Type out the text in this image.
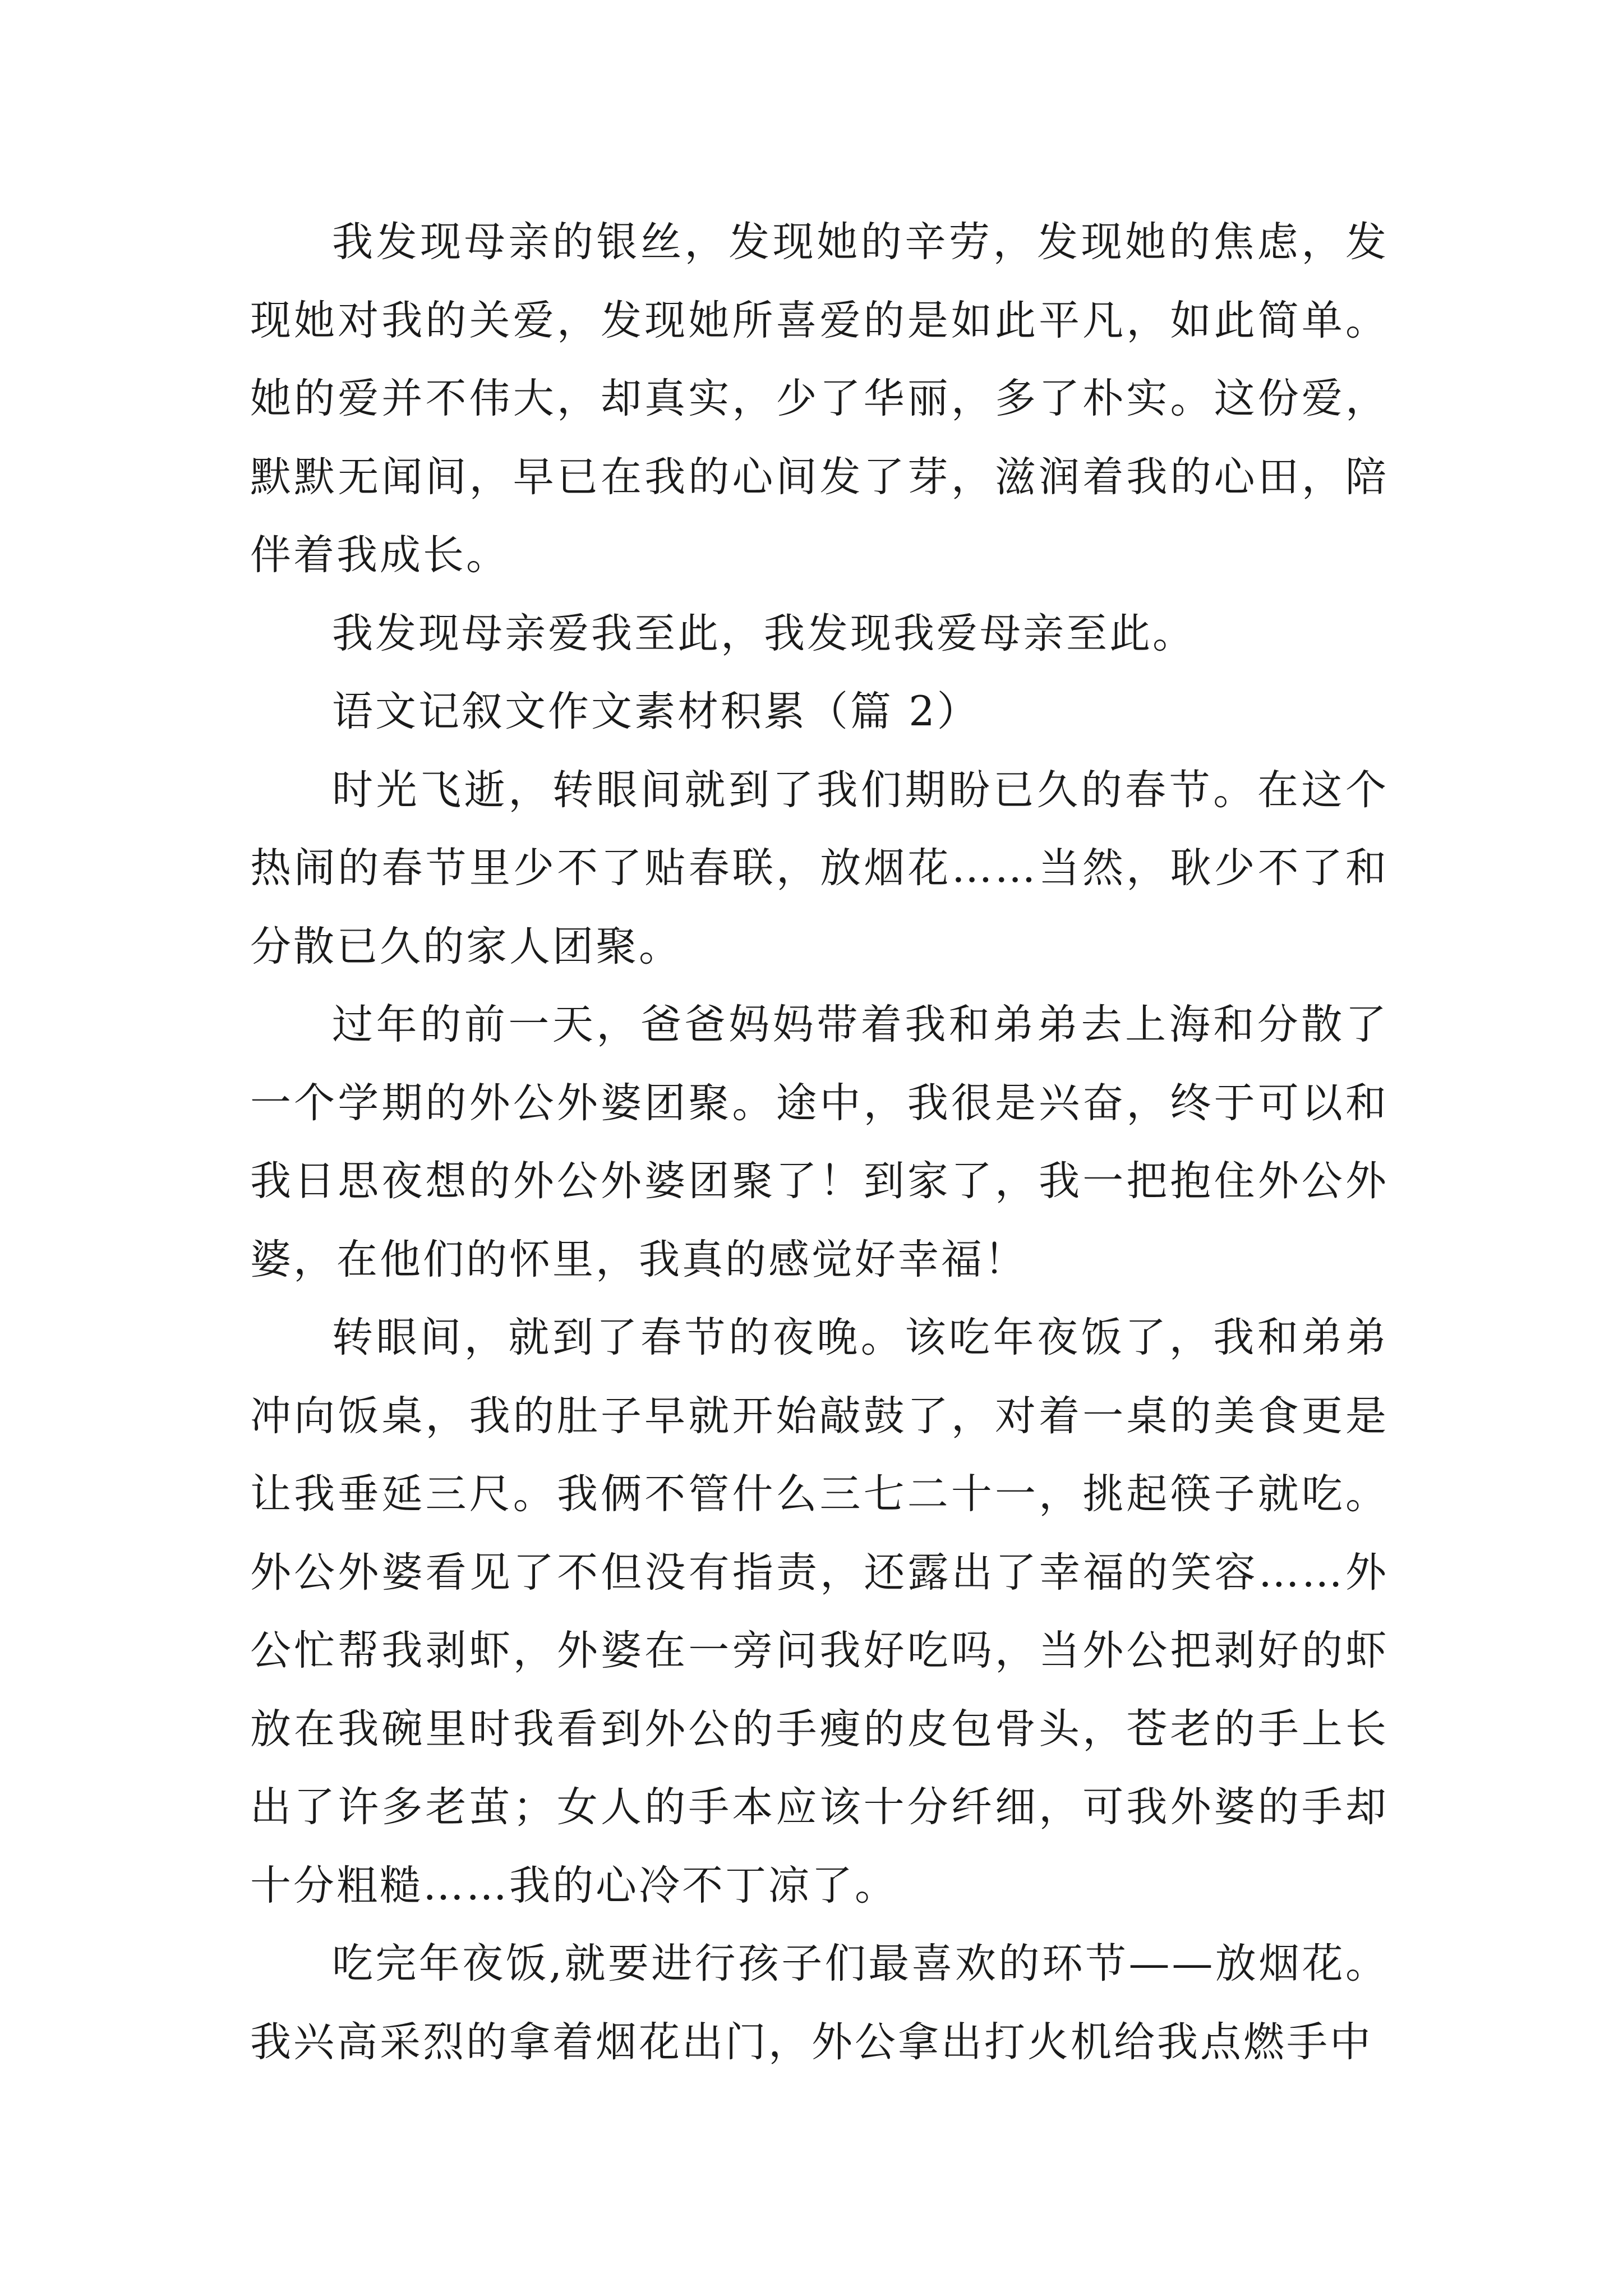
我发现母亲的银丝，发现她的辛劳，发现她的焦虑，发现她对我的关爱，发现她所喜爱的是如此平凡，如此简单。她的爱并不伟大，却真实，少了华丽，多了朴实。这份爱，默默无闻间，早已在我的心间发了芽，滋润着我的心田，陪伴着我成长。

我发现母亲爱我至此，我发现我爱母亲至此。

语文记叙文作文素材积累（篇 2）

时光飞逝，转眼间就到了我们期盼已久的春节。在这个热闹的春节里少不了贴春联，放烟花……当然，耿少不了和分散已久的家人团聚。

过年的前一天，爸爸妈妈带着我和弟弟去上海和分散了一个学期的外公外婆团聚。途中，我很是兴奋，终于可以和我日思夜想的外公外婆团聚了！到家了，我一把抱住外公外婆，在他们的怀里，我真的感觉好幸福！

转眼间，就到了春节的夜晚。该吃年夜饭了，我和弟弟冲向饭桌，我的肚子早就开始敲鼓了，对着一桌的美食更是让我垂延三尺。我俩不管什么三七二十一，挑起筷子就吃。外公外婆看见了不但没有指责，还露出了幸福的笑容……外公忙帮我剥虾，外婆在一旁问我好吃吗，当外公把剥好的虾放在我碗里时我看到外公的手瘦的皮包骨头，苍老的手上长出了许多老茧；女人的手本应该十分纤细，可我外婆的手却十分粗糙……我的心冷不丁凉了。

吃完年夜饭,就要进行孩子们最喜欢的环节——放烟花。我兴高采烈的拿着烟花出门，外公拿出打火机给我点燃手中
